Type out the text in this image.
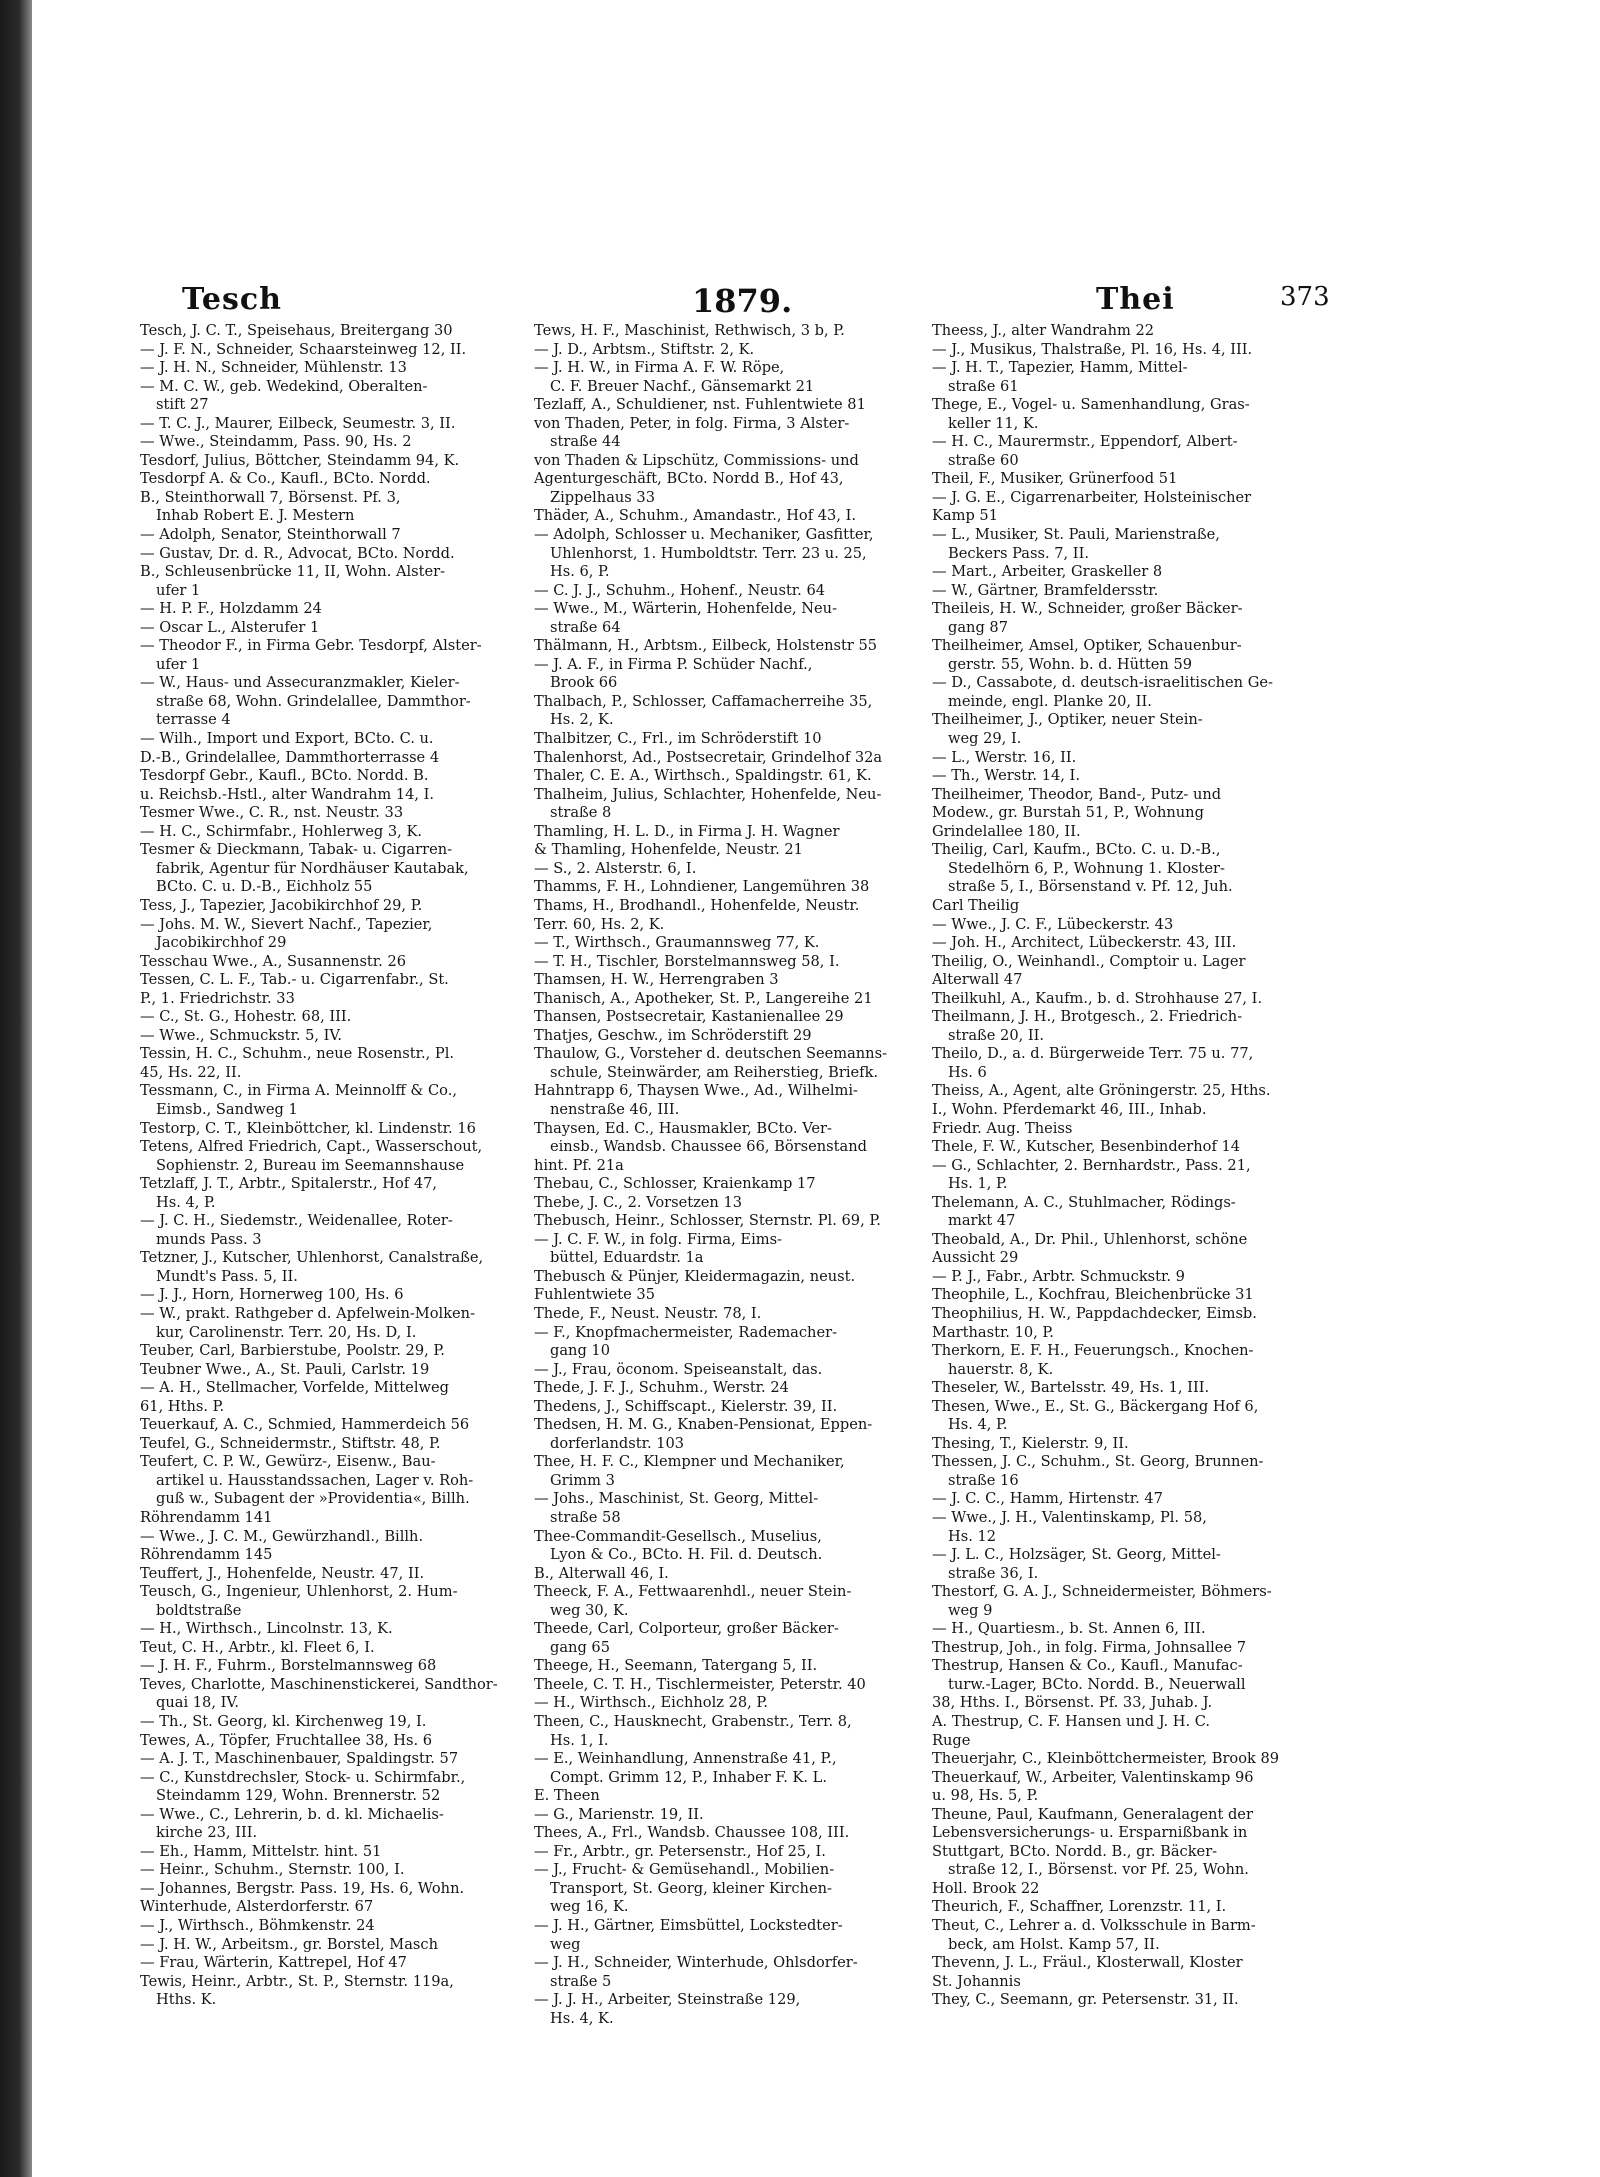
Tesch	1879.	Thei	373
Tesch, J. C. T., Speisehaus, Breitergang 30
— J. F. N., Schneider, Schaarsteinweg 12, II.
— J. H. N., Schneider, Mühlenstr. 13
— M. C. W., geb. Wedekind, Oberalten-
stift 27
— T. C. J., Maurer, Eilbeck, Seumestr. 3, II.
— Wwe., Steindamm, Pass. 90, Hs. 2
Tesdorf, Julius, Böttcher, Steindamm 94, K.
Tesdorpf A. & Co., Kaufl., BCto. Nordd.
B., Steinthorwall 7, Börsenst. Pf. 3,
Inhab Robert E. J. Mestern
— Adolph, Senator, Steinthorwall 7
— Gustav, Dr. d. R., Advocat, BCto. Nordd.
B., Schleusenbrücke 11, II, Wohn. Alster-
ufer 1
— H. P. F., Holzdamm 24
— Oscar L., Alsterufer 1
— Theodor F., in Firma Gebr. Tesdorpf, Alster-
ufer 1
— W., Haus- und Assecuranzmakler, Kieler-
straße 68, Wohn. Grindelallee, Dammthor-
terrasse 4
— Wilh., Import und Export, BCto. C. u.
D.-B., Grindelallee, Dammthorterrasse 4
Tesdorpf Gebr., Kaufl., BCto. Nordd. B.
u. Reichsb.-Hstl., alter Wandrahm 14, I.
Tesmer Wwe., C. R., nst. Neustr. 33
— H. C., Schirmfabr., Hohlerweg 3, K.
Tesmer & Dieckmann, Tabak- u. Cigarren-
fabrik, Agentur für Nordhäuser Kautabak,
BCto. C. u. D.-B., Eichholz 55
Tess, J., Tapezier, Jacobikirchhof 29, P.
— Johs. M. W., Sievert Nachf., Tapezier,
Jacobikirchhof 29
Tesschau Wwe., A., Susannenstr. 26
Tessen, C. L. F., Tab.- u. Cigarrenfabr., St.
P., 1. Friedrichstr. 33
— C., St. G., Hohestr. 68, III.
— Wwe., Schmuckstr. 5, IV.
Tessin, H. C., Schuhm., neue Rosenstr., Pl.
45, Hs. 22, II.
Tessmann, C., in Firma A. Meinnolff & Co.,
Eimsb., Sandweg 1
Testorp, C. T., Kleinböttcher, kl. Lindenstr. 16
Tetens, Alfred Friedrich, Capt., Wasserschout,
Sophienstr. 2, Bureau im Seemannshause
Tetzlaff, J. T., Arbtr., Spitalerstr., Hof 47,
Hs. 4, P.
— J. C. H., Siedemstr., Weidenallee, Roter-
munds Pass. 3
Tetzner, J., Kutscher, Uhlenhorst, Canalstraße,
Mundt's Pass. 5, II.
— J. J., Horn, Hornerweg 100, Hs. 6
— W., prakt. Rathgeber d. Apfelwein-Molken-
kur, Carolinenstr. Terr. 20, Hs. D, I.
Teuber, Carl, Barbierstube, Poolstr. 29, P.
Teubner Wwe., A., St. Pauli, Carlstr. 19
— A. H., Stellmacher, Vorfelde, Mittelweg
61, Hths. P.
Teuerkauf, A. C., Schmied, Hammerdeich 56
Teufel, G., Schneidermstr., Stiftstr. 48, P.
Teufert, C. P. W., Gewürz-, Eisenw., Bau-
artikel u. Hausstandssachen, Lager v. Roh-
guß w., Subagent der »Providentia«, Billh.
Röhrendamm 141
— Wwe., J. C. M., Gewürzhandl., Billh.
Röhrendamm 145
Teuffert, J., Hohenfelde, Neustr. 47, II.
Teusch, G., Ingenieur, Uhlenhorst, 2. Hum-
boldtstraße
— H., Wirthsch., Lincolnstr. 13, K.
Teut, C. H., Arbtr., kl. Fleet 6, I.
— J. H. F., Fuhrm., Borstelmannsweg 68
Teves, Charlotte, Maschinenstickerei, Sandthor-
quai 18, IV.
— Th., St. Georg, kl. Kirchenweg 19, I.
Tewes, A., Töpfer, Fruchtallee 38, Hs. 6
— A. J. T., Maschinenbauer, Spaldingstr. 57
— C., Kunstdrechsler, Stock- u. Schirmfabr.,
Steindamm 129, Wohn. Brennerstr. 52
— Wwe., C., Lehrerin, b. d. kl. Michaelis-
kirche 23, III.
— Eh., Hamm, Mittelstr. hint. 51
— Heinr., Schuhm., Sternstr. 100, I.
— Johannes, Bergstr. Pass. 19, Hs. 6, Wohn.
Winterhude, Alsterdorferstr. 67
— J., Wirthsch., Böhmkenstr. 24
— J. H. W., Arbeitsm., gr. Borstel, Masch
— Frau, Wärterin, Kattrepel, Hof 47
Tewis, Heinr., Arbtr., St. P., Sternstr. 119a,
Hths. K.
Tews, H. F., Maschinist, Rethwisch, 3 b, P.
— J. D., Arbtsm., Stiftstr. 2, K.
— J. H. W., in Firma A. F. W. Röpe,
C. F. Breuer Nachf., Gänsemarkt 21
Tezlaff, A., Schuldiener, nst. Fuhlentwiete 81
von Thaden, Peter, in folg. Firma, 3 Alster-
straße 44
von Thaden & Lipschütz, Commissions- und
Agenturgeschäft, BCto. Nordd B., Hof 43,
Zippelhaus 33
Thäder, A., Schuhm., Amandastr., Hof 43, I.
— Adolph, Schlosser u. Mechaniker, Gasfitter,
Uhlenhorst, 1. Humboldtstr. Terr. 23 u. 25,
Hs. 6, P.
— C. J. J., Schuhm., Hohenf., Neustr. 64
— Wwe., M., Wärterin, Hohenfelde, Neu-
straße 64
Thälmann, H., Arbtsm., Eilbeck, Holstenstr 55
— J. A. F., in Firma P. Schüder Nachf.,
Brook 66
Thalbach, P., Schlosser, Caffamacherreihe 35,
Hs. 2, K.
Thalbitzer, C., Frl., im Schröderstift 10
Thalenhorst, Ad., Postsecretair, Grindelhof 32a
Thaler, C. E. A., Wirthsch., Spaldingstr. 61, K.
Thalheim, Julius, Schlachter, Hohenfelde, Neu-
straße 8
Thamling, H. L. D., in Firma J. H. Wagner
& Thamling, Hohenfelde, Neustr. 21
— S., 2. Alsterstr. 6, I.
Thamms, F. H., Lohndiener, Langemühren 38
Thams, H., Brodhandl., Hohenfelde, Neustr.
Terr. 60, Hs. 2, K.
— T., Wirthsch., Graumannsweg 77, K.
— T. H., Tischler, Borstelmannsweg 58, I.
Thamsen, H. W., Herrengraben 3
Thanisch, A., Apotheker, St. P., Langereihe 21
Thansen, Postsecretair, Kastanienallee 29
Thatjes, Geschw., im Schröderstift 29
Thaulow, G., Vorsteher d. deutschen Seemanns-
schule, Steinwärder, am Reiherstieg, Briefk.
Hahntrapp 6, Thaysen Wwe., Ad., Wilhelmi-
nenstraße 46, III.
Thaysen, Ed. C., Hausmakler, BCto. Ver-
einsb., Wandsb. Chaussee 66, Börsenstand
hint. Pf. 21a
Thebau, C., Schlosser, Kraienkamp 17
Thebe, J. C., 2. Vorsetzen 13
Thebusch, Heinr., Schlosser, Sternstr. Pl. 69, P.
— J. C. F. W., in folg. Firma, Eims-
büttel, Eduardstr. 1a
Thebusch & Pünjer, Kleidermagazin, neust.
Fuhlentwiete 35
Thede, F., Neust. Neustr. 78, I.
— F., Knopfmachermeister, Rademacher-
gang 10
— J., Frau, öconom. Speiseanstalt, das.
Thede, J. F. J., Schuhm., Werstr. 24
Thedens, J., Schiffscapt., Kielerstr. 39, II.
Thedsen, H. M. G., Knaben-Pensionat, Eppen-
dorferlandstr. 103
Thee, H. F. C., Klempner und Mechaniker,
Grimm 3
— Johs., Maschinist, St. Georg, Mittel-
straße 58
Thee-Commandit-Gesellsch., Muselius,
Lyon & Co., BCto. H. Fil. d. Deutsch.
B., Alterwall 46, I.
Theeck, F. A., Fettwaarenhdl., neuer Stein-
weg 30, K.
Theede, Carl, Colporteur, großer Bäcker-
gang 65
Theege, H., Seemann, Tatergang 5, II.
Theele, C. T. H., Tischlermeister, Peterstr. 40
— H., Wirthsch., Eichholz 28, P.
Theen, C., Hausknecht, Grabenstr., Terr. 8,
Hs. 1, I.
— E., Weinhandlung, Annenstraße 41, P.,
Compt. Grimm 12, P., Inhaber F. K. L.
E. Theen
— G., Marienstr. 19, II.
Thees, A., Frl., Wandsb. Chaussee 108, III.
— Fr., Arbtr., gr. Petersenstr., Hof 25, I.
— J., Frucht- & Gemüsehandl., Mobilien-
Transport, St. Georg, kleiner Kirchen-
weg 16, K.
— J. H., Gärtner, Eimsbüttel, Lockstedter-
weg
— J. H., Schneider, Winterhude, Ohlsdorfer-
straße 5
— J. J. H., Arbeiter, Steinstraße 129,
Hs. 4, K.
Theess, J., alter Wandrahm 22
— J., Musikus, Thalstraße, Pl. 16, Hs. 4, III.
— J. H. T., Tapezier, Hamm, Mittel-
straße 61
Thege, E., Vogel- u. Samenhandlung, Gras-
keller 11, K.
— H. C., Maurermstr., Eppendorf, Albert-
straße 60
Theil, F., Musiker, Grünerfood 51
— J. G. E., Cigarrenarbeiter, Holsteinischer
Kamp 51
— L., Musiker, St. Pauli, Marienstraße,
Beckers Pass. 7, II.
— Mart., Arbeiter, Graskeller 8
— W., Gärtner, Bramfeldersstr.
Theileis, H. W., Schneider, großer Bäcker-
gang 87
Theilheimer, Amsel, Optiker, Schauenbur-
gerstr. 55, Wohn. b. d. Hütten 59
— D., Cassabote, d. deutsch-israelitischen Ge-
meinde, engl. Planke 20, II.
Theilheimer, J., Optiker, neuer Stein-
weg 29, I.
— L., Werstr. 16, II.
— Th., Werstr. 14, I.
Theilheimer, Theodor, Band-, Putz- und
Modew., gr. Burstah 51, P., Wohnung
Grindelallee 180, II.
Theilig, Carl, Kaufm., BCto. C. u. D.-B.,
Stedelhörn 6, P., Wohnung 1. Kloster-
straße 5, I., Börsenstand v. Pf. 12, Juh.
Carl Theilig
— Wwe., J. C. F., Lübeckerstr. 43
— Joh. H., Architect, Lübeckerstr. 43, III.
Theilig, O., Weinhandl., Comptoir u. Lager
Alterwall 47
Theilkuhl, A., Kaufm., b. d. Strohhause 27, I.
Theilmann, J. H., Brotgesch., 2. Friedrich-
straße 20, II.
Theilo, D., a. d. Bürgerweide Terr. 75 u. 77,
Hs. 6
Theiss, A., Agent, alte Gröningerstr. 25, Hths.
I., Wohn. Pferdemarkt 46, III., Inhab.
Friedr. Aug. Theiss
Thele, F. W., Kutscher, Besenbinderhof 14
— G., Schlachter, 2. Bernhardstr., Pass. 21,
Hs. 1, P.
Thelemann, A. C., Stuhlmacher, Rödings-
markt 47
Theobald, A., Dr. Phil., Uhlenhorst, schöne
Aussicht 29
— P. J., Fabr., Arbtr. Schmuckstr. 9
Theophile, L., Kochfrau, Bleichenbrücke 31
Theophilius, H. W., Pappdachdecker, Eimsb.
Marthastr. 10, P.
Therkorn, E. F. H., Feuerungsch., Knochen-
hauerstr. 8, K.
Theseler, W., Bartelsstr. 49, Hs. 1, III.
Thesen, Wwe., E., St. G., Bäckergang Hof 6,
Hs. 4, P.
Thesing, T., Kielerstr. 9, II.
Thessen, J. C., Schuhm., St. Georg, Brunnen-
straße 16
— J. C. C., Hamm, Hirtenstr. 47
— Wwe., J. H., Valentinskamp, Pl. 58,
Hs. 12
— J. L. C., Holzsäger, St. Georg, Mittel-
straße 36, I.
Thestorf, G. A. J., Schneidermeister, Böhmers-
weg 9
— H., Quartiesm., b. St. Annen 6, III.
Thestrup, Joh., in folg. Firma, Johnsallee 7
Thestrup, Hansen & Co., Kaufl., Manufac-
turw.-Lager, BCto. Nordd. B., Neuerwall
38, Hths. I., Börsenst. Pf. 33, Juhab. J.
A. Thestrup, C. F. Hansen und J. H. C.
Ruge
Theuerjahr, C., Kleinböttchermeister, Brook 89
Theuerkauf, W., Arbeiter, Valentinskamp 96
u. 98, Hs. 5, P.
Theune, Paul, Kaufmann, Generalagent der
Lebensversicherungs- u. Ersparnißbank in
Stuttgart, BCto. Nordd. B., gr. Bäcker-
straße 12, I., Börsenst. vor Pf. 25, Wohn.
Holl. Brook 22
Theurich, F., Schaffner, Lorenzstr. 11, I.
Theut, C., Lehrer a. d. Volksschule in Barm-
beck, am Holst. Kamp 57, II.
Thevenn, J. L., Fräul., Klosterwall, Kloster
St. Johannis
They, C., Seemann, gr. Petersenstr. 31, II.
